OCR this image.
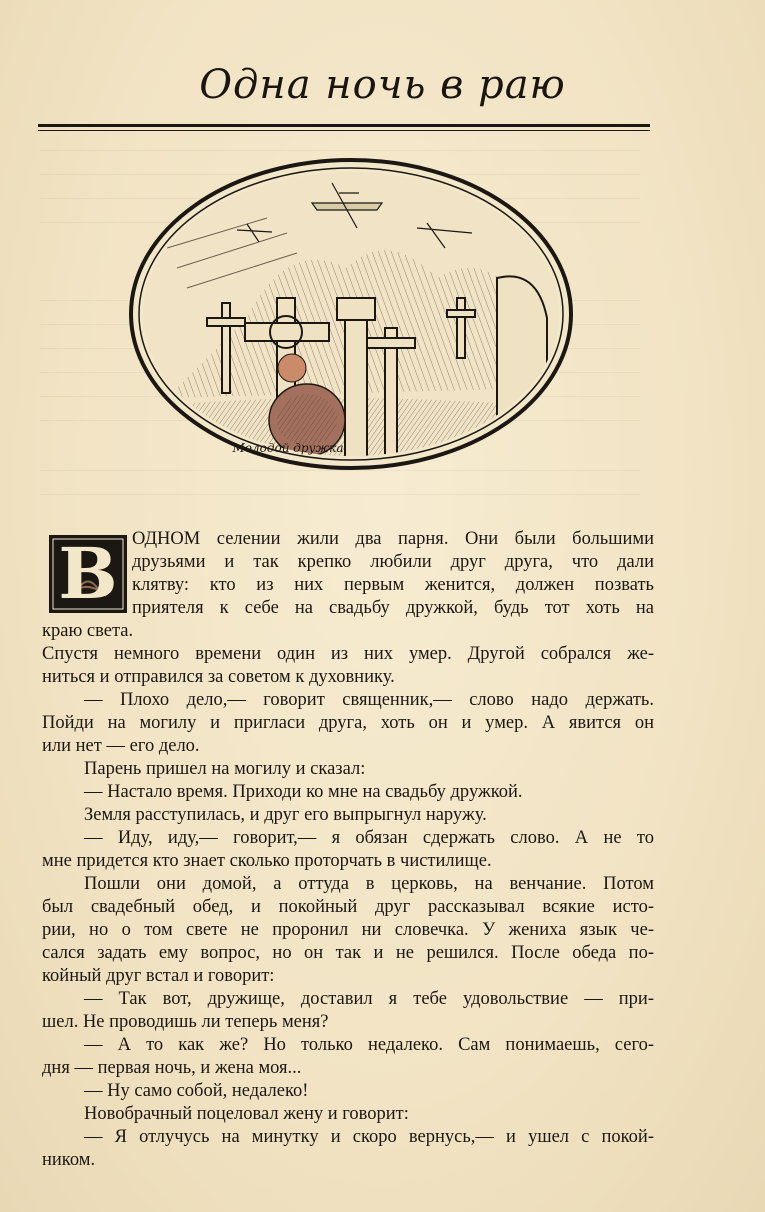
Одна ночь в раю
Молодой дружка
В ОДНОМ селении жили два парня. Они были большими
друзьями и так крепко любили друг друга, что дали
клятву: кто из них первым женится, должен позвать
приятеля к себе на свадьбу дружкой, будь тот хоть на
краю света.
Спустя немного времени один из них умер. Другой собрался же-
ниться и отправился за советом к духовнику.
— Плохо дело,— говорит священник,— слово надо держать.
Пойди на могилу и пригласи друга, хоть он и умер. А явится он
или нет — его дело.
Парень пришел на могилу и сказал:
— Настало время. Приходи ко мне на свадьбу дружкой.
Земля расступилась, и друг его выпрыгнул наружу.
— Иду, иду,— говорит,— я обязан сдержать слово. А не то
мне придется кто знает сколько проторчать в чистилище.
Пошли они домой, а оттуда в церковь, на венчание. Потом
был свадебный обед, и покойный друг рассказывал всякие исто-
рии, но о том свете не проронил ни словечка. У жениха язык че-
сался задать ему вопрос, но он так и не решился. После обеда по-
койный друг встал и говорит:
— Так вот, дружище, доставил я тебе удовольствие — при-
шел. Не проводишь ли теперь меня?
— А то как же? Но только недалеко. Сам понимаешь, сего-
дня — первая ночь, и жена моя...
— Ну само собой, недалеко!
Новобрачный поцеловал жену и говорит:
— Я отлучусь на минутку и скоро вернусь,— и ушел с покой-
ником.
